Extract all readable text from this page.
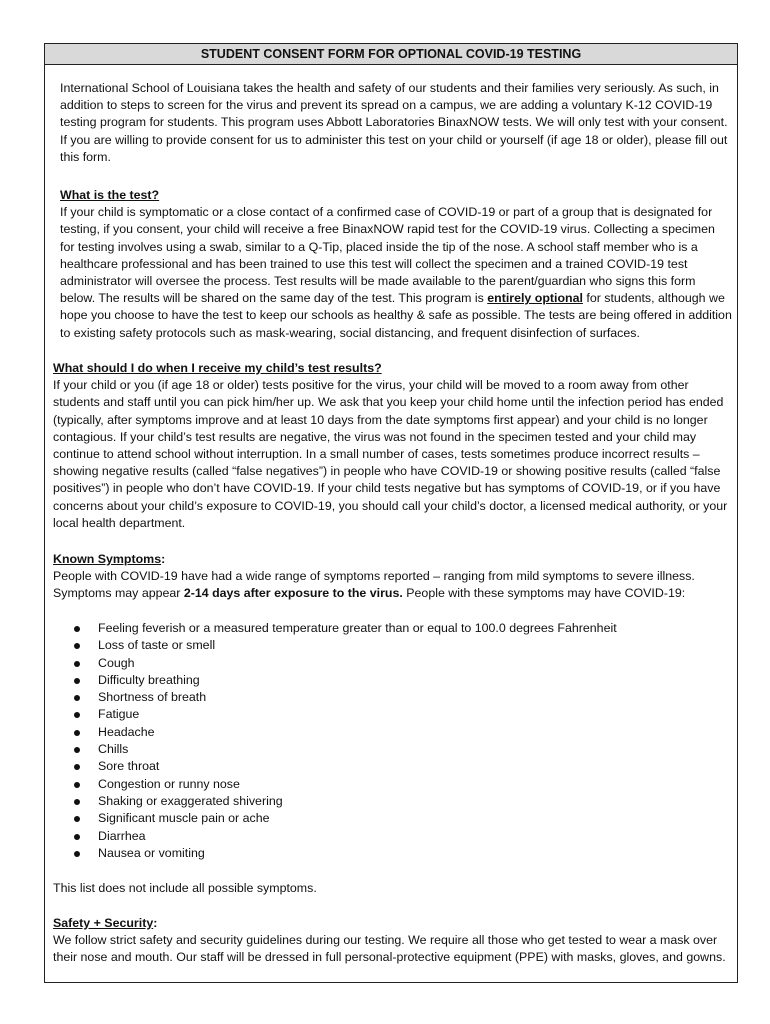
STUDENT CONSENT FORM FOR OPTIONAL COVID-19 TESTING

International School of Louisiana takes the health and safety of our students and their families very seriously. As such, in addition to steps to screen for the virus and prevent its spread on a campus, we are adding a voluntary K-12 COVID-19 testing program for students. This program uses Abbott Laboratories BinaxNOW tests. We will only test with your consent. If you are willing to provide consent for us to administer this test on your child or yourself (if age 18 or older), please fill out this form.

What is the test?
If your child is symptomatic or a close contact of a confirmed case of COVID-19 or part of a group that is designated for testing, if you consent, your child will receive a free BinaxNOW rapid test for the COVID-19 virus. Collecting a specimen for testing involves using a swab, similar to a Q-Tip, placed inside the tip of the nose. A school staff member who is a healthcare professional and has been trained to use this test will collect the specimen and a trained COVID-19 test administrator will oversee the process. Test results will be made available to the parent/guardian who signs this form below. The results will be shared on the same day of the test. This program is entirely optional for students, although we hope you choose to have the test to keep our schools as healthy & safe as possible. The tests are being offered in addition to existing safety protocols such as mask-wearing, social distancing, and frequent disinfection of surfaces.

What should I do when I receive my child’s test results?
If your child or you (if age 18 or older) tests positive for the virus, your child will be moved to a room away from other students and staff until you can pick him/her up. We ask that you keep your child home until the infection period has ended (typically, after symptoms improve and at least 10 days from the date symptoms first appear) and your child is no longer contagious. If your child’s test results are negative, the virus was not found in the specimen tested and your child may continue to attend school without interruption. In a small number of cases, tests sometimes produce incorrect results – showing negative results (called “false negatives”) in people who have COVID-19 or showing positive results (called “false positives”) in people who don’t have COVID-19. If your child tests negative but has symptoms of COVID-19, or if you have concerns about your child’s exposure to COVID-19, you should call your child’s doctor, a licensed medical authority, or your local health department.

Known Symptoms:
People with COVID-19 have had a wide range of symptoms reported – ranging from mild symptoms to severe illness. Symptoms may appear 2-14 days after exposure to the virus. People with these symptoms may have COVID-19:

Feeling feverish or a measured temperature greater than or equal to 100.0 degrees Fahrenheit
Loss of taste or smell
Cough
Difficulty breathing
Shortness of breath
Fatigue
Headache
Chills
Sore throat
Congestion or runny nose
Shaking or exaggerated shivering
Significant muscle pain or ache
Diarrhea
Nausea or vomiting

This list does not include all possible symptoms.

Safety + Security:
We follow strict safety and security guidelines during our testing. We require all those who get tested to wear a mask over their nose and mouth. Our staff will be dressed in full personal-protective equipment (PPE) with masks, gloves, and gowns.
